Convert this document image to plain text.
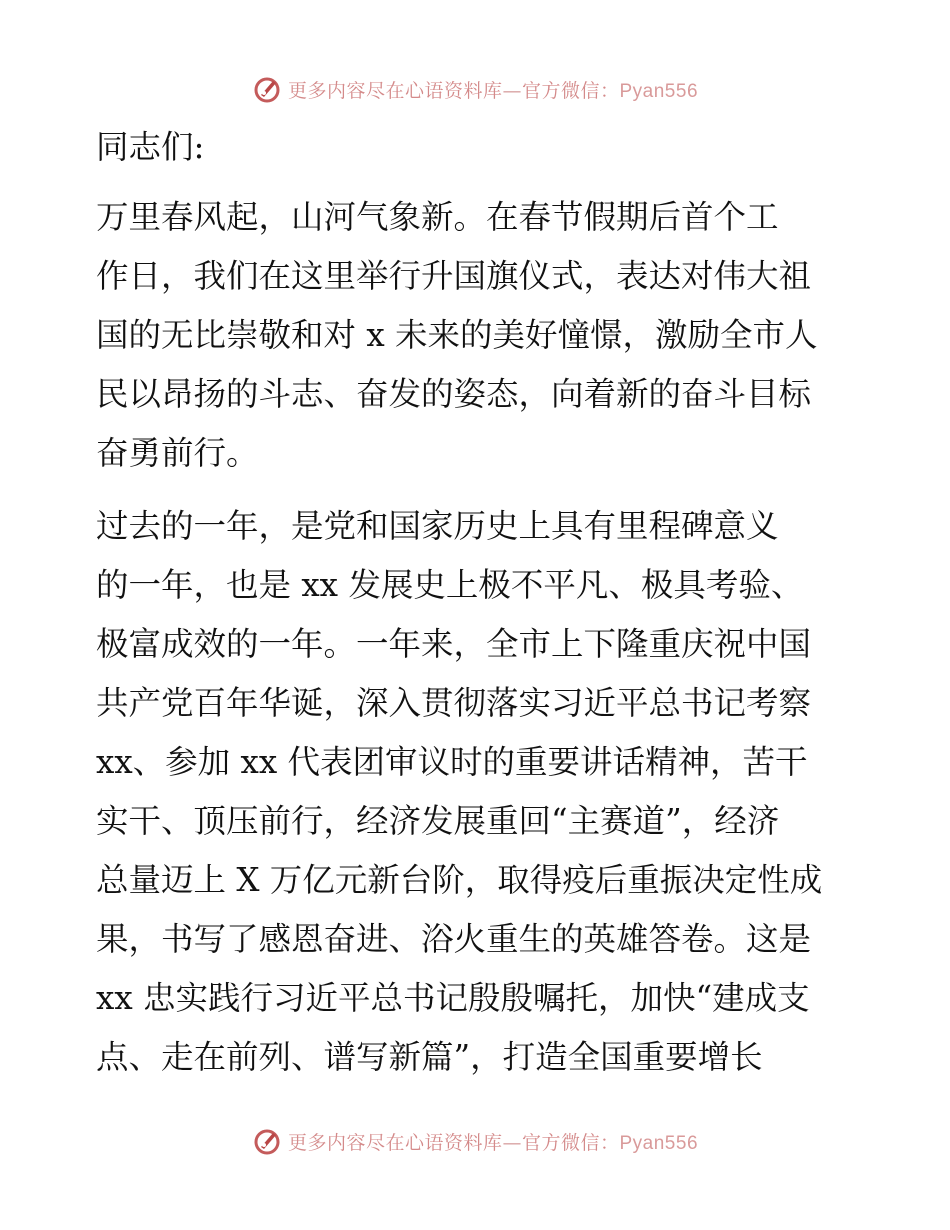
更多内容尽在心语资料库—官方微信：Pyan556

同志们:

万里春风起，山河气象新。在春节假期后首个工
作日，我们在这里举行升国旗仪式，表达对伟大祖
国的无比崇敬和对 x 未来的美好憧憬，激励全市人
民以昂扬的斗志、奋发的姿态，向着新的奋斗目标
奋勇前行。

过去的一年，是党和国家历史上具有里程碑意义
的一年，也是 xx 发展史上极不平凡、极具考验、
极富成效的一年。一年来，全市上下隆重庆祝中国
共产党百年华诞，深入贯彻落实习近平总书记考察
xx、参加 xx 代表团审议时的重要讲话精神，苦干
实干、顶压前行，经济发展重回“主赛道”，经济
总量迈上 X 万亿元新台阶，取得疫后重振决定性成
果，书写了感恩奋进、浴火重生的英雄答卷。这是
xx 忠实践行习近平总书记殷殷嘱托，加快“建成支
点、走在前列、谱写新篇”，打造全国重要增长

更多内容尽在心语资料库—官方微信：Pyan556
